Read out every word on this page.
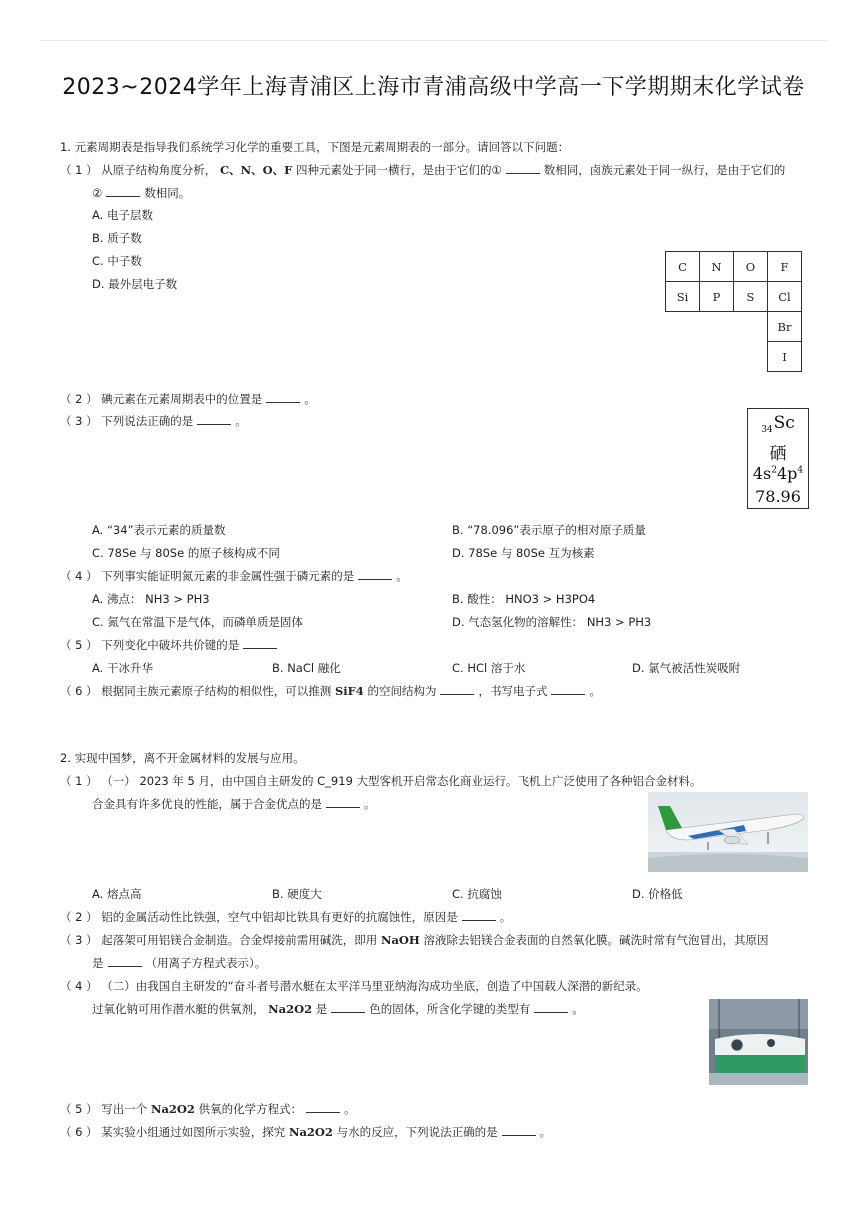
2023~2024学年上海青浦区上海市青浦高级中学高一下学期期末化学试卷
1. 元素周期表是指导我们系统学习化学的重要工具，下图是元素周期表的一部分。请回答以下问题：
（ 1 ） 从原子结构角度分析， C、N、O、F 四种元素处于同一横行，是由于它们的①	数相同，卤族元素处于同一纵行，是由于它们的
②	数相同。
A. 电子层数
B. 质子数
C. 中子数
D. 最外层电子数
C	N	O	F
Si	P	S	Cl
			Br
			I
（ 2 ） 碘元素在元素周期表中的位置是	。
（ 3 ） 下列说法正确的是	。
$_{34}$Sc
硒
$4s^24p^4$
78.96
A. “34”表示元素的质量数	B. “78.096”表示原子的相对原子质量
C. 78Se 与 80Se 的原子核构成不同	D. 78Se 与 80Se 互为核素
（ 4 ） 下列事实能证明氮元素的非金属性强于磷元素的是	。
A. 沸点： NH3 > PH3	B. 酸性： HNO3 > H3PO4
C. 氮气在常温下是气体，而磷单质是固体	D. 气态氢化物的溶解性： NH3 > PH3
（ 5 ） 下列变化中破坏共价键的是
A. 干冰升华	B. NaCl 融化	C. HCl 溶于水	D. 氯气被活性炭吸附
（ 6 ） 根据同主族元素原子结构的相似性，可以推测 SiF4 的空间结构为	，书写电子式	。
2. 实现中国梦，离不开金属材料的发展与应用。
（ 1 ） （一） 2023 年 5 月，由中国自主研发的 C_919 大型客机开启常态化商业运行。飞机上广泛使用了各种铝合金材料。
合金具有许多优良的性能，属于合金优点的是	。
A. 熔点高	B. 硬度大	C. 抗腐蚀	D. 价格低
（ 2 ） 铝的金属活动性比铁强，空气中铝却比铁具有更好的抗腐蚀性，原因是	。
（ 3 ） 起落架可用铝镁合金制造。合金焊接前需用碱洗，即用 NaOH 溶液除去铝镁合金表面的自然氧化膜。碱洗时常有气泡冒出，其原因
是	（用离子方程式表示）。
（ 4 ） （二）由我国自主研发的“奋斗者号潜水艇在太平洋马里亚纳海沟成功坐底，创造了中国载人深潜的新纪录。
过氧化钠可用作潜水艇的供氧剂， Na2O2 是	色的固体，所含化学键的类型有	。
（ 5 ） 写出一个 Na2O2 供氧的化学方程式：	。
（ 6 ） 某实验小组通过如图所示实验，探究 Na2O2 与水的反应，下列说法正确的是	。
